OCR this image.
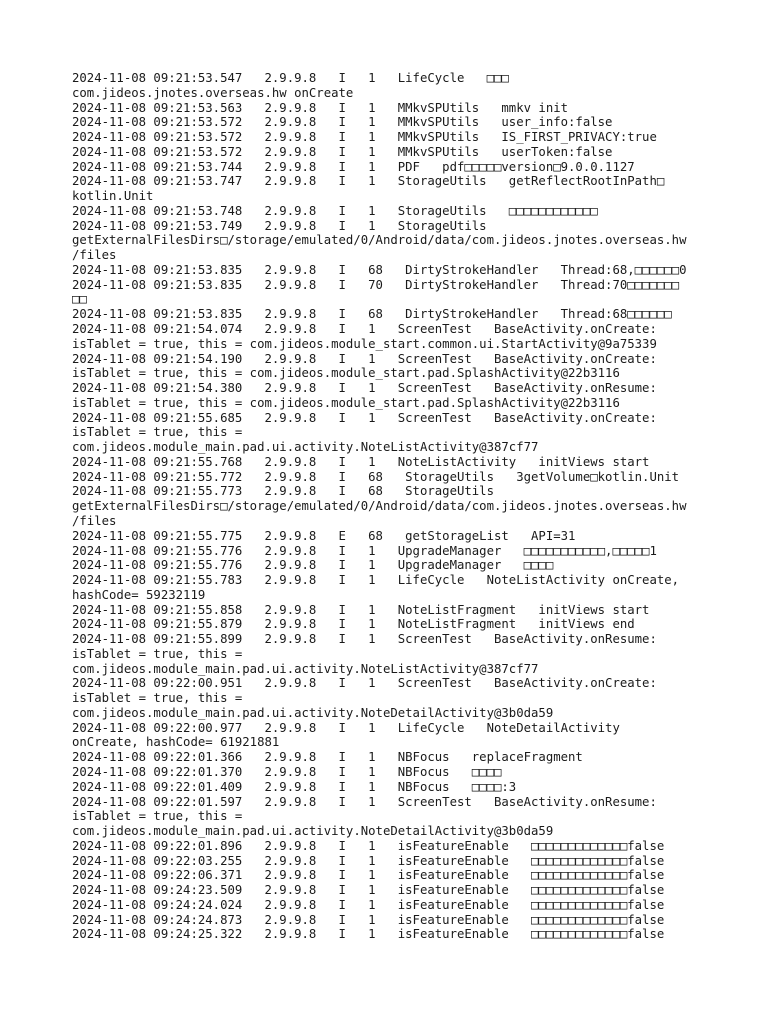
2024-11-08 09:21:53.547   2.9.9.8   I   1   LifeCycle   □□□
com.jideos.jnotes.overseas.hw onCreate
2024-11-08 09:21:53.563   2.9.9.8   I   1   MMkvSPUtils   mmkv init
2024-11-08 09:21:53.572   2.9.9.8   I   1   MMkvSPUtils   user_info:false
2024-11-08 09:21:53.572   2.9.9.8   I   1   MMkvSPUtils   IS_FIRST_PRIVACY:true
2024-11-08 09:21:53.572   2.9.9.8   I   1   MMkvSPUtils   userToken:false
2024-11-08 09:21:53.744   2.9.9.8   I   1   PDF   pdf□□□□□version□9.0.0.1127
2024-11-08 09:21:53.747   2.9.9.8   I   1   StorageUtils   getReflectRootInPath□
kotlin.Unit
2024-11-08 09:21:53.748   2.9.9.8   I   1   StorageUtils   □□□□□□□□□□□□
2024-11-08 09:21:53.749   2.9.9.8   I   1   StorageUtils
getExternalFilesDirs□/storage/emulated/0/Android/data/com.jideos.jnotes.overseas.hw
/files
2024-11-08 09:21:53.835   2.9.9.8   I   68   DirtyStrokeHandler   Thread:68,□□□□□□0
2024-11-08 09:21:53.835   2.9.9.8   I   70   DirtyStrokeHandler   Thread:70□□□□□□□
□□
2024-11-08 09:21:53.835   2.9.9.8   I   68   DirtyStrokeHandler   Thread:68□□□□□□
2024-11-08 09:21:54.074   2.9.9.8   I   1   ScreenTest   BaseActivity.onCreate:
isTablet = true, this = com.jideos.module_start.common.ui.StartActivity@9a75339
2024-11-08 09:21:54.190   2.9.9.8   I   1   ScreenTest   BaseActivity.onCreate:
isTablet = true, this = com.jideos.module_start.pad.SplashActivity@22b3116
2024-11-08 09:21:54.380   2.9.9.8   I   1   ScreenTest   BaseActivity.onResume:
isTablet = true, this = com.jideos.module_start.pad.SplashActivity@22b3116
2024-11-08 09:21:55.685   2.9.9.8   I   1   ScreenTest   BaseActivity.onCreate:
isTablet = true, this =
com.jideos.module_main.pad.ui.activity.NoteListActivity@387cf77
2024-11-08 09:21:55.768   2.9.9.8   I   1   NoteListActivity   initViews start
2024-11-08 09:21:55.772   2.9.9.8   I   68   StorageUtils   3getVolume□kotlin.Unit
2024-11-08 09:21:55.773   2.9.9.8   I   68   StorageUtils
getExternalFilesDirs□/storage/emulated/0/Android/data/com.jideos.jnotes.overseas.hw
/files
2024-11-08 09:21:55.775   2.9.9.8   E   68   getStorageList   API=31
2024-11-08 09:21:55.776   2.9.9.8   I   1   UpgradeManager   □□□□□□□□□□□,□□□□□1
2024-11-08 09:21:55.776   2.9.9.8   I   1   UpgradeManager   □□□□
2024-11-08 09:21:55.783   2.9.9.8   I   1   LifeCycle   NoteListActivity onCreate,
hashCode= 59232119
2024-11-08 09:21:55.858   2.9.9.8   I   1   NoteListFragment   initViews start
2024-11-08 09:21:55.879   2.9.9.8   I   1   NoteListFragment   initViews end
2024-11-08 09:21:55.899   2.9.9.8   I   1   ScreenTest   BaseActivity.onResume:
isTablet = true, this =
com.jideos.module_main.pad.ui.activity.NoteListActivity@387cf77
2024-11-08 09:22:00.951   2.9.9.8   I   1   ScreenTest   BaseActivity.onCreate:
isTablet = true, this =
com.jideos.module_main.pad.ui.activity.NoteDetailActivity@3b0da59
2024-11-08 09:22:00.977   2.9.9.8   I   1   LifeCycle   NoteDetailActivity
onCreate, hashCode= 61921881
2024-11-08 09:22:01.366   2.9.9.8   I   1   NBFocus   replaceFragment
2024-11-08 09:22:01.370   2.9.9.8   I   1   NBFocus   □□□□
2024-11-08 09:22:01.409   2.9.9.8   I   1   NBFocus   □□□□:3
2024-11-08 09:22:01.597   2.9.9.8   I   1   ScreenTest   BaseActivity.onResume:
isTablet = true, this =
com.jideos.module_main.pad.ui.activity.NoteDetailActivity@3b0da59
2024-11-08 09:22:01.896   2.9.9.8   I   1   isFeatureEnable   □□□□□□□□□□□□□false
2024-11-08 09:22:03.255   2.9.9.8   I   1   isFeatureEnable   □□□□□□□□□□□□□false
2024-11-08 09:22:06.371   2.9.9.8   I   1   isFeatureEnable   □□□□□□□□□□□□□false
2024-11-08 09:24:23.509   2.9.9.8   I   1   isFeatureEnable   □□□□□□□□□□□□□false
2024-11-08 09:24:24.024   2.9.9.8   I   1   isFeatureEnable   □□□□□□□□□□□□□false
2024-11-08 09:24:24.873   2.9.9.8   I   1   isFeatureEnable   □□□□□□□□□□□□□false
2024-11-08 09:24:25.322   2.9.9.8   I   1   isFeatureEnable   □□□□□□□□□□□□□false
